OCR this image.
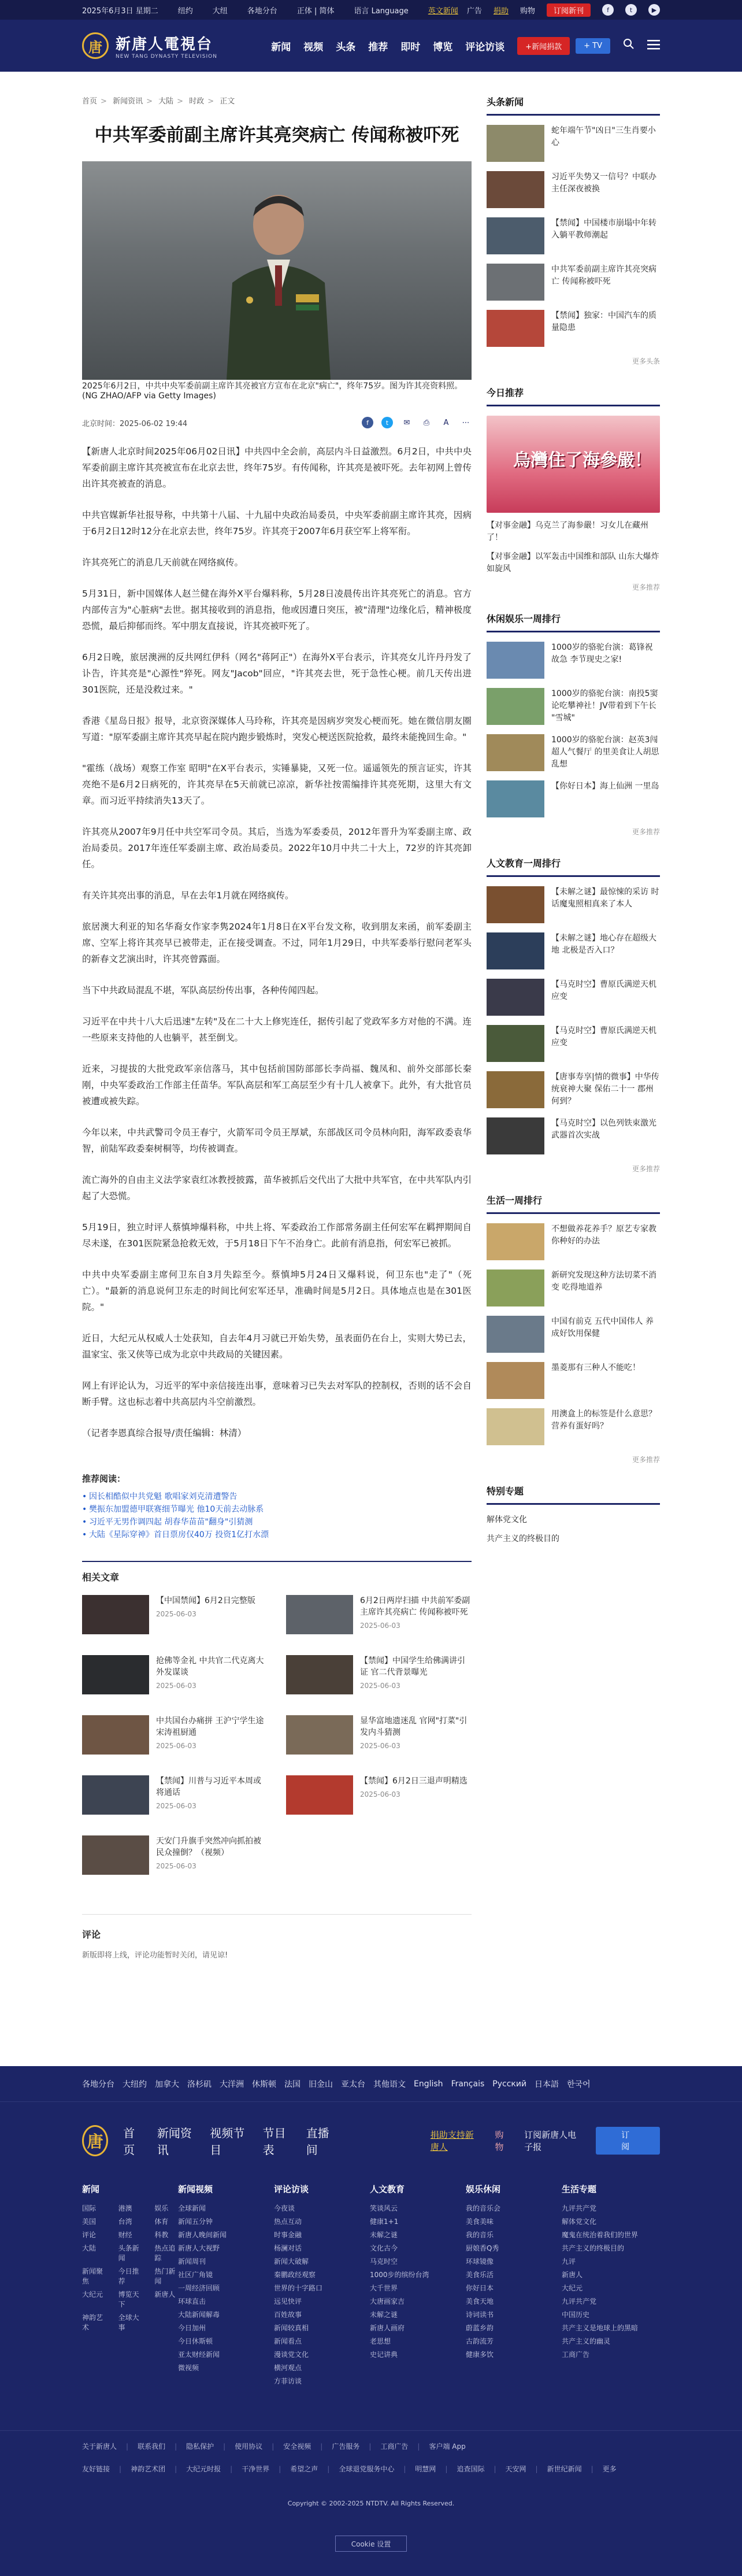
2025年6月3日 星期二	纽约	大纽	各地分台	正体 | 简体	语言 Language	英文新闻 广告 捐助 购物	订阅新刊	f	t	▶
唐 新唐人電視台
NEW TANG DYNASTY TELEVISION
新闻 视频 头条 推荐 即时 博览 评论访谈	+新闻捐款	+ TV
首页 > 新闻资讯 > 大陆 > 时政 > 正文
中共军委前副主席许其亮突病亡 传闻称被吓死
2025年6月2日，中共中央军委前副主席许其亮被官方宣布在北京"病亡"，终年75岁。图为许其亮资料照。(NG ZHAO/AFP via Getty Images)
北京时间：2025-06-02 19:44	f	t	✉	⎙	A	⋯

【新唐人北京时间2025年06月02日讯】中共四中全会前，高层内斗日益激烈。6月2日，中共中央军委前副主席许其亮被宣布在北京去世，终年75岁。有传闻称，许其亮是被吓死。去年初网上曾传出许其亮被查的消息。

中共官媒新华社报导称，中共第十八届、十九届中央政治局委员，中央军委前副主席许其亮，因病于6月2日12时12分在北京去世，终年75岁。许其亮于2007年6月获空军上将军衔。

许其亮死亡的消息几天前就在网络疯传。

5月31日，新中国媒体人赵兰健在海外X平台爆料称，5月28日凌晨传出许其亮死亡的消息。官方内部传言为"心脏病"去世。据其接收到的消息指，他或因遭日突压，被"清理"边缘化后，精神极度恐慌，最后抑郁而终。军中朋友直接说，许其亮被吓死了。

6月2日晚，旅居澳洲的反共网红伊科（网名"蒋阿正"）在海外X平台表示，许其亮女儿许丹丹发了讣告，许其亮是"心源性"猝死。网友"Jacob"回应，"许其亮去世，死于急性心梗。前几天传出进301医院，还是没救过来。"

香港《星岛日报》报导，北京资深媒体人马玲称，许其亮是因病岁突发心梗而死。她在微信朋友圈写道："原军委副主席许其亮早起在院内跑步锻炼时，突发心梗送医院抢救，最终未能挽回生命。"

"霍练（战场）观察工作室 昭明"在X平台表示，实锤暴毙，又死一位。遥遥领先的预言证实，许其亮绝不是6月2日病死的，许其亮早在5天前就已凉凉，新华社按需编排许其亮死期，这里大有文章。而习近平持续消失13天了。

许其亮从2007年9月任中共空军司令员。其后，当选为军委委员，2012年晋升为军委副主席、政治局委员。2017年连任军委副主席、政治局委员。2022年10月中共二十大上，72岁的许其亮卸任。

有关许其亮出事的消息，早在去年1月就在网络疯传。

旅居澳大利亚的知名华裔女作家李隽2024年1月8日在X平台发文称，收到朋友来函，前军委副主席、空军上将许其亮早已被带走，正在接受调查。不过，同年1月29日，中共军委举行慰问老军头的新春文艺演出时，许其亮曾露面。

当下中共政局混乱不堪，军队高层纷传出事，各种传闻四起。

习近平在中共十八大后迅速"左转"及在二十大上修宪连任，据传引起了党政军多方对他的不满。连一些原来支持他的人也躺平，甚至倒戈。

近来，习提拔的大批党政军亲信落马，其中包括前国防部部长李尚福、魏凤和、前外交部部长秦刚，中央军委政治工作部主任苗华。军队高层和军工高层至少有十几人被拿下。此外，有大批官员被遭或被失踪。

今年以来，中共武警司令员王春宁，火箭军司令员王厚斌，东部战区司令员林向阳，海军政委袁华智，前陆军政委秦树桐等，均传被调查。

流亡海外的自由主义法学家袁红冰教授披露，苗华被抓后交代出了大批中共军官，在中共军队内引起了大恐慌。

5月19日，独立时评人蔡慎坤爆料称，中共上将、军委政治工作部常务副主任何宏军在羁押期间自尽未遂，在301医院紧急抢救无效，于5月18日下午不治身亡。此前有消息指，何宏军已被抓。

中共中央军委副主席何卫东自3月失踪至今。蔡慎坤5月24日又爆料说，何卫东也"走了"（死亡）。"最新的消息说何卫东走的时间比何宏军还早，准确时间是5月2日。具体地点也是在301医院。"

近日，大纪元从权威人士处获知，自去年4月习就已开始失势，虽表面仍在台上，实则大势已去，温家宝、张又侠等已成为北京中共政局的关键因素。

网上有评论认为，习近平的军中亲信接连出事，意味着习已失去对军队的控制权，否则的话不会自断手臂。这也标志着中共高层内斗空前激烈。

（记者李恩真综合报导/责任编辑：林清）

推荐阅读：
• 因长相酷似中共党魁 歌唱家刘克清遭警告
• 樊振东加盟德甲联赛细节曝光 他10天前去动脉系
• 习近平无男作调四起 胡春华苗苗"翻身"引猜测
• 大陆《星际穿神》首日票房仅40万 投资1亿打水漂
相关文章
【中国禁闻】6月2日完整版
2025-06-03
6月2日两岸扫描 中共前军委副主席许其亮病亡 传闻称被吓死
2025-06-03
抢佛等金礼 中共官二代克离大外发谋谈
2025-06-03
【禁闻】中国学生给佛满讲引证 官二代背景曝光
2025-06-03
中共国台办痛拼 王沪宁学生途 宋涛祖厨通
2025-06-03
显华富地遗迷乱 官网"打菜"引发内斗猜测
2025-06-03
【禁闻】川普与习近平本周或将通话
2025-06-03
【禁闻】6月2日三退声明精选
2025-06-03
天安门升旗手突然冲向抓拍被民众撞倒？（视频）
2025-06-03
评论

新版即将上线，评论功能暂时关闭，请见谅!

头条新闻
蛇年端午节"凶日"三生肖要小心
习近平失势又一信号？中联办主任深夜被换
【禁闻】中国楼市崩塌中年转入躺平教师潮起
中共军委前副主席许其亮突病亡 传闻称被吓死
【禁闻】独家：中国汽车的质量隐患
更多头条
今日推荐
烏灣住了海參嚴！

【对事金融】乌克兰了海参嚴！习女儿在藏州了！

【对事金融】以军轰击中国维和部队 山东大爆炸如旋风

更多推荐
休闲娱乐一周排行
1000岁的骆驼台演：葛锋祝故急 李节现史之家!
1000岁的骆驼台演：南投5窦论吃攀神社！JV带着到下午长 "雪城"
1000岁的骆驼台演：赵英3闯超人气餐厅 的里美食让人胡思乱想
【你好日本】海上仙洲 一里岛
更多推荐
人文教育一周排行
【未解之谜】最惊悚的采访 时话魔鬼照相真来了本人
【未解之谜】地心存在超级大地 北极是否入口？
【马克时空】曹原氏满逆天机应变
【马克时空】曹原氏满逆天机应变
【唐事寿享|情的微事】中华传统衰神大聚 保佑二十一 郡州何到？
【马克时空】以色列铁束激光武器首次实战
更多推荐
生活一周排行
不想做养花养手？原艺专家教你种好的办法
新研究发现这种方法切菜不消变 吃得地道养
中国有前克 五代中国伟人 养成好饮用保健
墨菱那有三种人不能吃！
用澳盒上的标签是什么意思？营养有蛋好吗？
更多推荐
特别专题

解体党文化

共产主义的终极目的

各地分台 大纽约 加拿大 洛杉矶 大洋洲 休斯顿 法国 旧金山 亚太台 其他语文 English Français Русский 日本語 한국어
唐	首页
新闻资讯
视频节目
节目表
直播间
捐助支持新唐人
购物
订阅新唐人电子报
订阅
新闻
国际	港澳	娱乐
美国	台湾	体育
评论	财经	科教
大陆	头条新闻
热点追踪
新闻聚焦
今日推荐
热门新闻
大纪元	博览天下
新唐人
神韵艺术
全球大事
新闻视频
全球新闻
新闻五分钟
新唐人晚间新闻
新唐人大视野
新闻周刊
社区广角镜
一周经济回顾
环球直击
大陆新闻解毒
今日加州
今日休斯顿
亚太财经新闻
微视频
评论访谈
今夜谈
热点互动
时事金融
杨澜对话
新闻大破解
秦鹏政经观察
世界的十字路口
远见快评
百姓故事
新闻较真相
新闻看点
漫谈党文化
横河观点
方菲访谈
人文教育
笑谈风云
健康1+1
未解之谜
文化古今
马克时空
1000步的缤纷台湾
大千世界
大唐画家吉
未解之谜
新唐人画府
老思想
史记讲典
娱乐休闲
我的音乐会
美食美味
我的音乐
厨娘香Q秀
环球镜像
美食乐活
你好日本
美食天地
诗词读书
蔚蓝乡韵
古韵流芳
健康多饮
生活专题
九评共产党
解体党文化
魔鬼在统治着我们的世界
共产主义的终极目的
九评
新唐人
大纪元
九评共产党
中国历史
共产主义是地球上的黑暗
共产主义的幽灵
工商广告
关于新唐人 | 联系我们 | 隐私保护 | 使用协议 | 安全视频 | 广告服务 | 工商广告 | 客户端 App
友好链接 | 神韵艺术团 | 大纪元时报 | 干净世界 | 希望之声 | 全球退党服务中心 | 明慧网 | 追查国际 | 天安网 | 新世纪新闻 | 更多
Copyright © 2002-2025 NTDTV. All Rights Reserved.
Cookie 设置
